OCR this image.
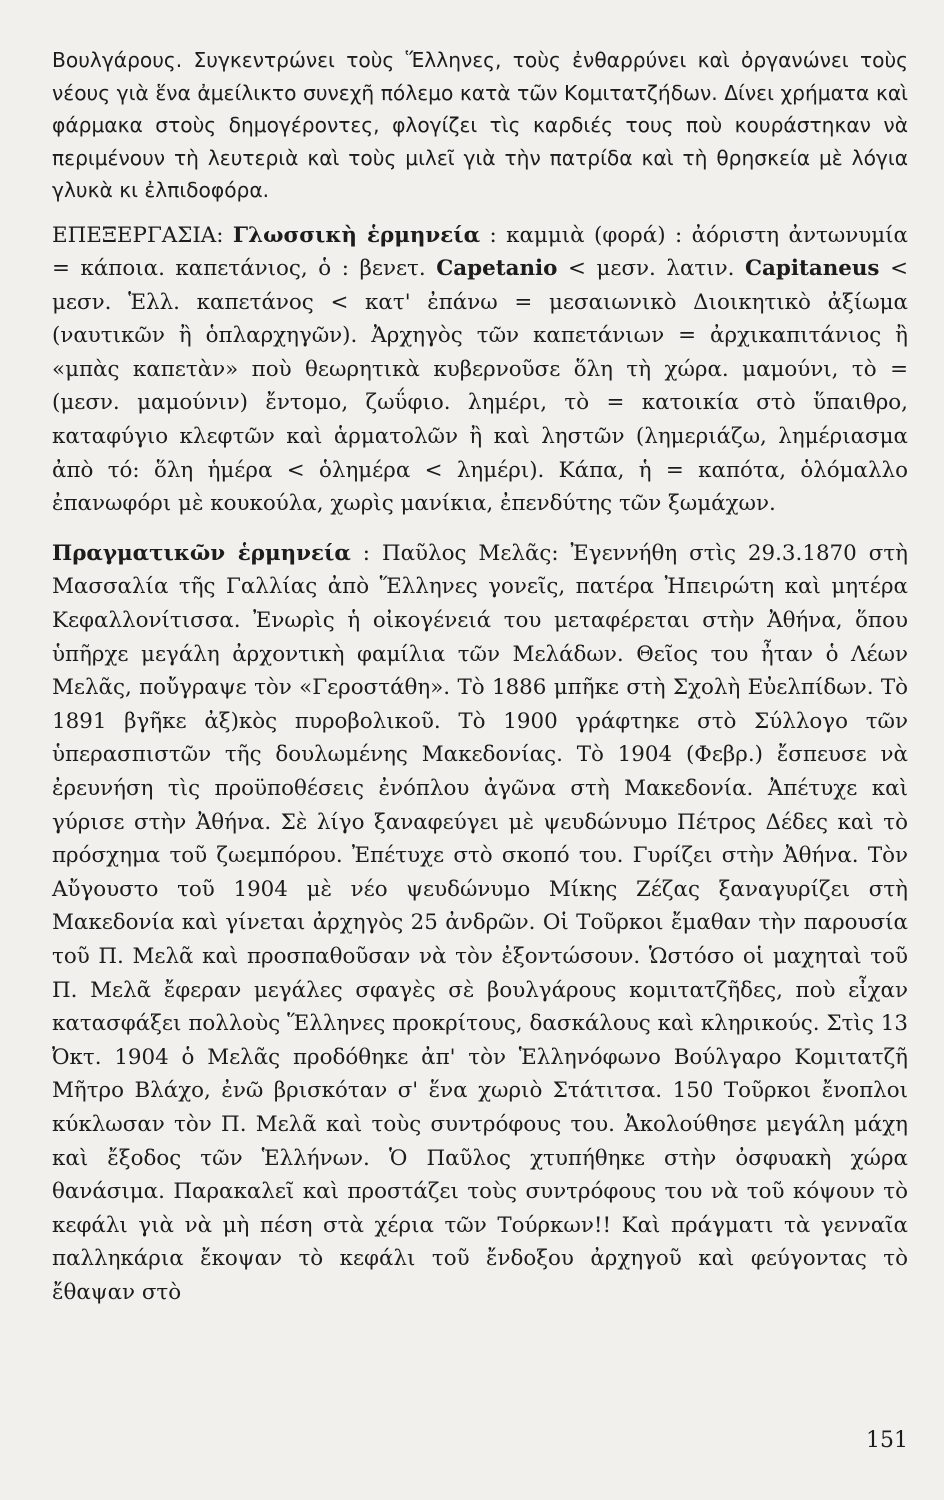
Βουλγάρους. Συγκεντρώνει τοὺς Ἕλληνες, τοὺς ἐνθαρρύνει καὶ ὀργανώνει τοὺς νέους γιὰ ἕνα ἀμείλικτο συνεχῆ πόλεμο κατὰ τῶν Κομιτατζήδων. Δίνει χρήματα καὶ φάρμακα στοὺς δημογέροντες, φλογίζει τὶς καρδιές τους ποὺ κουράστηκαν νὰ περιμένουν τὴ λευτεριὰ καὶ τοὺς μιλεῖ γιὰ τὴν πατρίδα καὶ τὴ θρησκεία μὲ λόγια γλυκὰ κι ἐλπιδοφόρα.

ΕΠΕΞΕΡΓΑΣΙΑ: Γλωσσικὴ ἑρμηνεία : καμμιὰ (φορά) : ἀόριστη ἀντωνυμία = κάποια. καπετάνιος, ὁ : βενετ. Capetanio < μεσν. λατιν. Capitaneus < μεσν. Ἑλλ. καπετάνος < κατ' ἐπάνω = μεσαιωνικὸ Διοικητικὸ ἀξίωμα (ναυτικῶν ἢ ὁπλαρχηγῶν). Ἀρχηγὸς τῶν καπετάνιων = ἀρχικαπιτάνιος ἢ «μπὰς καπετὰν» ποὺ θεωρητικὰ κυβερνοῦσε ὅλη τὴ χώρα. μαμούνι, τὸ = (μεσν. μαμούνιν) ἔντομο, ζωΰφιο. λημέρι, τὸ = κατοικία στὸ ὕπαιθρο, καταφύγιο κλεφτῶν καὶ ἁρματολῶν ἢ καὶ ληστῶν (λημεριάζω, λημέριασμα ἀπὸ τό: ὅλη ἡμέρα < ὁλημέρα < λημέρι). Κάπα, ἡ = καπότα, ὁλόμαλλο ἐπανωφόρι μὲ κουκούλα, χωρὶς μανίκια, ἐπενδύτης τῶν ξωμάχων.

Πραγματικῶν ἑρμηνεία : Παῦλος Μελᾶς: Ἐγεννήθη στὶς 29.3.1870 στὴ Μασσαλία τῆς Γαλλίας ἀπὸ Ἕλληνες γονεῖς, πατέρα Ἠπειρώτη καὶ μητέρα Κεφαλλονίτισσα. Ἐνωρὶς ἡ οἰκογένειά του μεταφέρεται στὴν Ἀθήνα, ὅπου ὑπῆρχε μεγάλη ἀρχοντικὴ φαμίλια τῶν Μελάδων. Θεῖος του ἦταν ὁ Λέων Μελᾶς, ποὔγραψε τὸν «Γεροστάθη». Τὸ 1886 μπῆκε στὴ Σχολὴ Εὐελπίδων. Τὸ 1891 βγῆκε ἀξ)κὸς πυροβολικοῦ. Τὸ 1900 γράφτηκε στὸ Σύλλογο τῶν ὑπερασπιστῶν τῆς δουλωμένης Μακεδονίας. Τὸ 1904 (Φεβρ.) ἔσπευσε νὰ ἐρευνήση τὶς προϋποθέσεις ἐνόπλου ἀγῶνα στὴ Μακεδονία. Ἀπέτυχε καὶ γύρισε στὴν Ἀθήνα. Σὲ λίγο ξαναφεύγει μὲ ψευδώνυμο Πέτρος Δέδες καὶ τὸ πρόσχημα τοῦ ζωεμπόρου. Ἐπέτυχε στὸ σκοπό του. Γυρίζει στὴν Ἀθήνα. Τὸν Αὔγουστο τοῦ 1904 μὲ νέο ψευδώνυμο Μίκης Ζέζας ξαναγυρίζει στὴ Μακεδονία καὶ γίνεται ἀρχηγὸς 25 ἀνδρῶν. Οἱ Τοῦρκοι ἔμαθαν τὴν παρουσία τοῦ Π. Μελᾶ καὶ προσπαθοῦσαν νὰ τὸν ἐξοντώσουν. Ὡστόσο οἱ μαχηταὶ τοῦ Π. Μελᾶ ἔφεραν μεγάλες σφαγὲς σὲ βουλγάρους κομιτατζῆδες, ποὺ εἶχαν κατασφάξει πολλοὺς Ἕλληνες προκρίτους, δασκάλους καὶ κληρικούς. Στὶς 13 Ὀκτ. 1904 ὁ Μελᾶς προδόθηκε ἀπ' τὸν Ἑλληνόφωνο Βούλγαρο Κομιτατζῆ Μῆτρο Βλάχο, ἐνῶ βρισκόταν σ' ἕνα χωριὸ Στάτιτσα. 150 Τοῦρκοι ἔνοπλοι κύκλωσαν τὸν Π. Μελᾶ καὶ τοὺς συντρόφους του. Ἀκολούθησε μεγάλη μάχη καὶ ἔξοδος τῶν Ἑλλήνων. Ὁ Παῦλος χτυπήθηκε στὴν ὀσφυακὴ χώρα θανάσιμα. Παρακαλεῖ καὶ προστάζει τοὺς συντρόφους του νὰ τοῦ κόψουν τὸ κεφάλι γιὰ νὰ μὴ πέση στὰ χέρια τῶν Τούρκων!! Καὶ πράγματι τὰ γενναῖα παλληκάρια ἔκοψαν τὸ κεφάλι τοῦ ἔνδοξου ἀρχηγοῦ καὶ φεύγοντας τὸ ἔθαψαν στὸ

151
